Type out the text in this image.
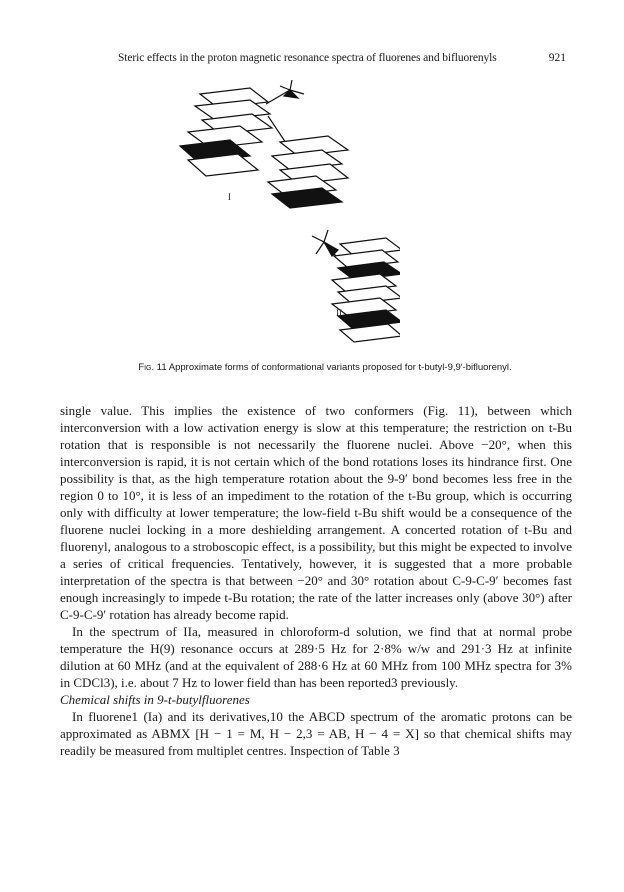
Steric effects in the proton magnetic resonance spectra of fluorenes and bifluorenyls	921
I
II
Fig. 11 Approximate forms of conformational variants proposed for t-butyl-9,9′-bifluorenyl.

single value. This implies the existence of two conformers (Fig. 11), between which interconversion with a low activation energy is slow at this temperature; the restriction on t-Bu rotation that is responsible is not necessarily the fluorene nuclei. Above −20°, when this interconversion is rapid, it is not certain which of the bond rotations loses its hindrance first. One possibility is that, as the high temperature rotation about the 9-9′ bond becomes less free in the region 0 to 10°, it is less of an impediment to the rotation of the t-Bu group, which is occurring only with difficulty at lower temperature; the low-field t-Bu shift would be a consequence of the fluorene nuclei locking in a more deshielding arrangement. A concerted rotation of t-Bu and fluorenyl, analogous to a stroboscopic effect, is a possibility, but this might be expected to involve a series of critical frequencies. Tentatively, however, it is suggested that a more probable interpretation of the spectra is that between −20° and 30° rotation about C-9-C-9′ becomes fast enough increasingly to impede t-Bu rotation; the rate of the latter increases only (above 30°) after C-9-C-9′ rotation has already become rapid.

In the spectrum of IIa, measured in chloroform-d solution, we find that at normal probe temperature the H(9) resonance occurs at 289·5 Hz for 2·8% w/w and 291·3 Hz at infinite dilution at 60 MHz (and at the equivalent of 288·6 Hz at 60 MHz from 100 MHz spectra for 3% in CDCl3), i.e. about 7 Hz to lower field than has been reported3 previously.

Chemical shifts in 9-t-butylfluorenes

In fluorene1 (Ia) and its derivatives,10 the ABCD spectrum of the aromatic protons can be approximated as ABMX [H − 1 = M, H − 2,3 = AB, H − 4 = X] so that chemical shifts may readily be measured from multiplet centres. Inspection of Table 3
